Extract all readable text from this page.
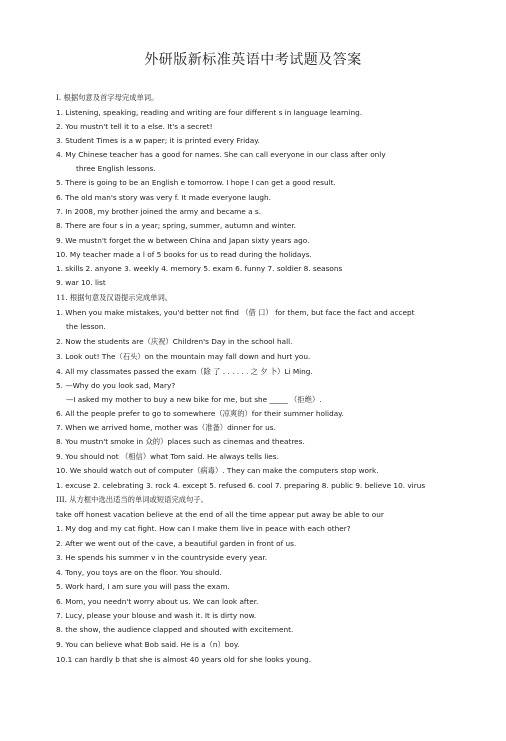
外研版新标准英语中考试题及答案
I. 根据句意及首字母完成单词。
1. Listening, speaking, reading and writing are four different s in language learning.
2. You mustn't tell it to a else. It's a secret!
3. Student Times is a w paper; it is printed every Friday.
4. My Chinese teacher has a good for names. She can call everyone in our class after only
three English lessons.
5. There is going to be an English e tomorrow. I hope I can get a good result.
6. The old man's story was very f. It made everyone laugh.
7. In 2008, my brother joined the army and became a s.
8. There are four s in a year; spring, summer, autumn and winter.
9. We mustn't forget the w between China and Japan sixty years ago.
10. My teacher made a l of 5 books for us to read during the holidays.
1. skills 2. anyone 3. weekly 4. memory 5. exam 6. funny 7. soldier 8. seasons
9. war 10. list
11. 根据句意及汉语提示完成单词。
1. When you make mistakes, you'd better not find （借 口） for them, but face the fact and accept
the lesson.
2. Now the students are（庆祝）Children's Day in the school hall.
3. Look out! The（石头）on the mountain may fall down and hurt you.
4. All my classmates passed the exam（除 了 . . . . . . 之 夕 卜）Li Ming.
5. —Why do you look sad, Mary?
—I asked my mother to buy a new bike for me, but she _____ （拒绝）.
6. All the people prefer to go to somewhere（凉爽的）for their summer holiday.
7. When we arrived home, mother was（准备）dinner for us.
8. You mustn't smoke in 众的）places such as cinemas and theatres.
9. You should not （相信）what Tom said. He always tells lies.
10. We should watch out of computer（病毒）. They can make the computers stop work.
1. excuse 2. celebrating 3. rock 4. except 5. refused 6. cool 7. preparing 8. public 9. believe 10. virus
III. 从方框中选出适当的单词或短语完成句子。
take off honest vacation believe at the end of all the time appear put away be able to our
1. My dog and my cat fight. How can I make them live in peace with each other?
2. After we went out of the cave, a beautiful garden in front of us.
3. He spends his summer v in the countryside every year.
4. Tony, you toys are on the floor. You should.
5. Work hard, I am sure you will pass the exam.
6. Mom, you needn't worry about us. We can look after.
7. Lucy, please your blouse and wash it. It is dirty now.
8. the show, the audience clapped and shouted with excitement.
9. You can believe what Bob said. He is a（n）boy.
10.1 can hardly b that she is almost 40 years old for she looks young.
